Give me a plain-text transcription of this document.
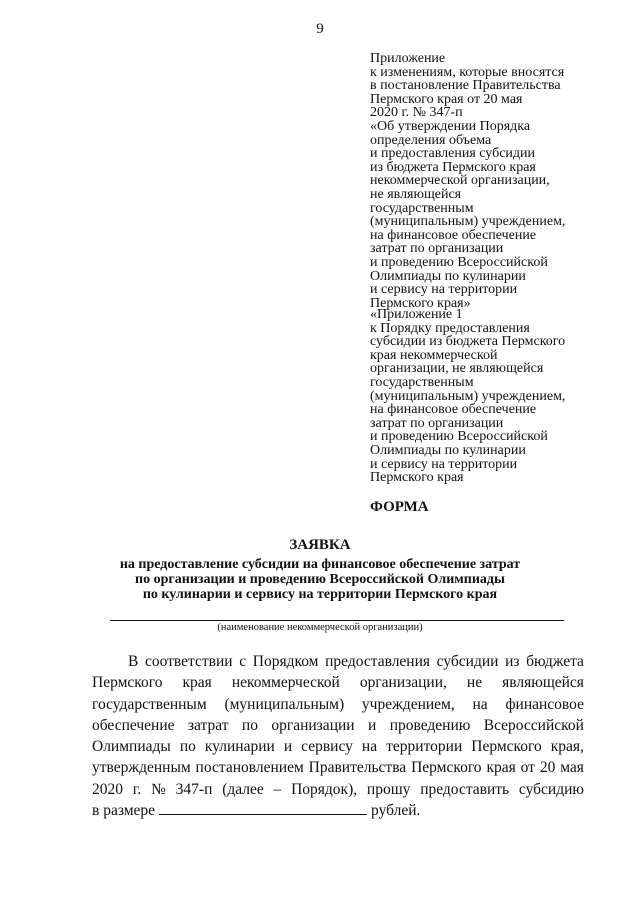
9
Приложение
к изменениям, которые вносятся
в постановление Правительства
Пермского края от 20 мая
2020 г. № 347-п
«Об утверждении Порядка
определения объема
и предоставления субсидии
из бюджета Пермского края
некоммерческой организации,
не являющейся
государственным
(муниципальным) учреждением,
на финансовое обеспечение
затрат по организации
и проведению Всероссийской
Олимпиады по кулинарии
и сервису на территории
Пермского края»
«Приложение 1
к Порядку предоставления
субсидии из бюджета Пермского
края некоммерческой
организации, не являющейся
государственным
(муниципальным) учреждением,
на финансовое обеспечение
затрат по организации
и проведению Всероссийской
Олимпиады по кулинарии
и сервису на территории
Пермского края
ФОРМА
ЗАЯВКА
на предоставление субсидии на финансовое обеспечение затрат
по организации и проведению Всероссийской Олимпиады
по кулинарии и сервису на территории Пермского края
(наименование некоммерческой организации)
В соответствии с Порядком предоставления субсидии из бюджета
Пермского края некоммерческой организации, не являющейся
государственным (муниципальным) учреждением, на финансовое
обеспечение затрат по организации и проведению Всероссийской
Олимпиады по кулинарии и сервису на территории Пермского края,
утвержденным постановлением Правительства Пермского края от 20 мая
2020 г. № 347-п (далее – Порядок), прошу предоставить субсидию
в размере	рублей.
